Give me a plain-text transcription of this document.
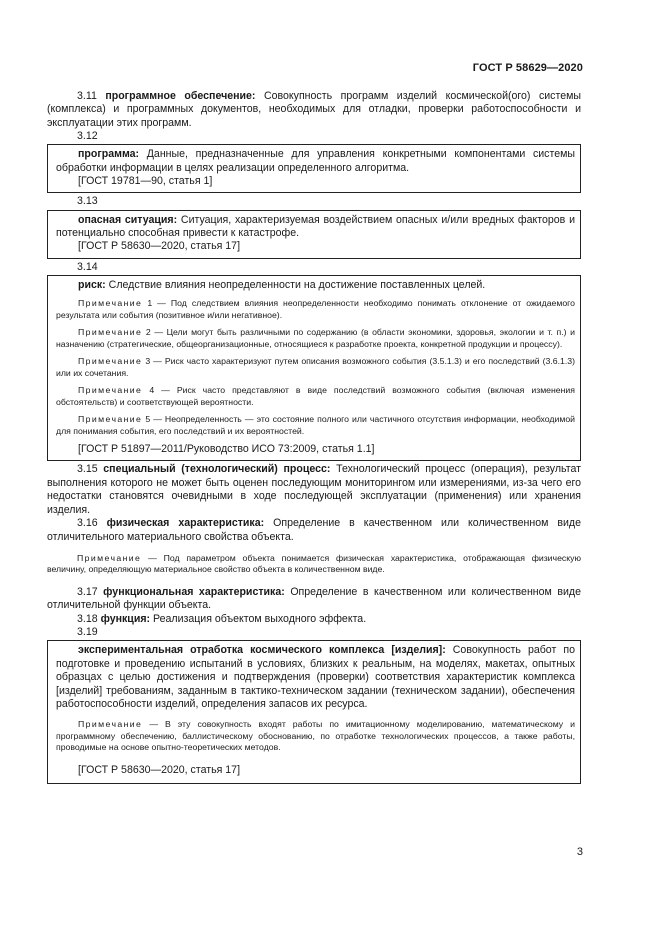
ГОСТ Р 58629—2020

3.11 программное обеспечение: Совокупность программ изделий космической(ого) системы (комплекса) и программных документов, необходимых для отладки, проверки работоспособности и эксплуатации этих программ.

3.12

программа: Данные, предназначенные для управления конкретными компонентами системы обработки информации в целях реализации определенного алгоритма.

[ГОСТ 19781—90, статья 1]
3.13

опасная ситуация: Ситуация, характеризуемая воздействием опасных и/или вредных факторов и потенциально способная привести к катастрофе.

[ГОСТ Р 58630—2020, статья 17]
3.14

риск: Следствие влияния неопределенности на достижение поставленных целей.

Примечание 1 — Под следствием влияния неопределенности необходимо понимать отклонение от ожидаемого результата или события (позитивное и/или негативное).

Примечание 2 — Цели могут быть различными по содержанию (в области экономики, здоровья, экологии и т. п.) и назначению (стратегические, общеорганизационные, относящиеся к разработке проекта, конкретной продукции и процессу).

Примечание 3 — Риск часто характеризуют путем описания возможного события (3.5.1.3) и его последствий (3.6.1.3) или их сочетания.

Примечание 4 — Риск часто представляют в виде последствий возможного события (включая изменения обстоятельств) и соответствующей вероятности.

Примечание 5 — Неопределенность — это состояние полного или частичного отсутствия информации, необходимой для понимания события, его последствий и их вероятностей.

[ГОСТ Р 51897—2011/Руководство ИСО 73:2009, статья 1.1]

3.15 специальный (технологический) процесс: Технологический процесс (операция), результат выполнения которого не может быть оценен последующим мониторингом или измерениями, из-за чего его недостатки становятся очевидными в ходе последующей эксплуатации (применения) или хранения изделия.

3.16 физическая характеристика: Определение в качественном или количественном виде отличительного материального свойства объекта.

Примечание — Под параметром объекта понимается физическая характеристика, отображающая физическую величину, определяющую материальное свойство объекта в количественном виде.

3.17 функциональная характеристика: Определение в качественном или количественном виде отличительной функции объекта.

3.18 функция: Реализация объектом выходного эффекта.

3.19

экспериментальная отработка космического комплекса [изделия]: Совокупность работ по подготовке и проведению испытаний в условиях, близких к реальным, на моделях, макетах, опытных образцах с целью достижения и подтверждения (проверки) соответствия характеристик комплекса [изделий] требованиям, заданным в тактико-техническом задании (техническом задании), обеспечения работоспособности изделий, определения запасов их ресурса.

Примечание — В эту совокупность входят работы по имитационному моделированию, математическому и программному обеспечению, баллистическому обоснованию, по отработке технологических процессов, а также работы, проводимые на основе опытно-теоретических методов.

[ГОСТ Р 58630—2020, статья 17]
3
